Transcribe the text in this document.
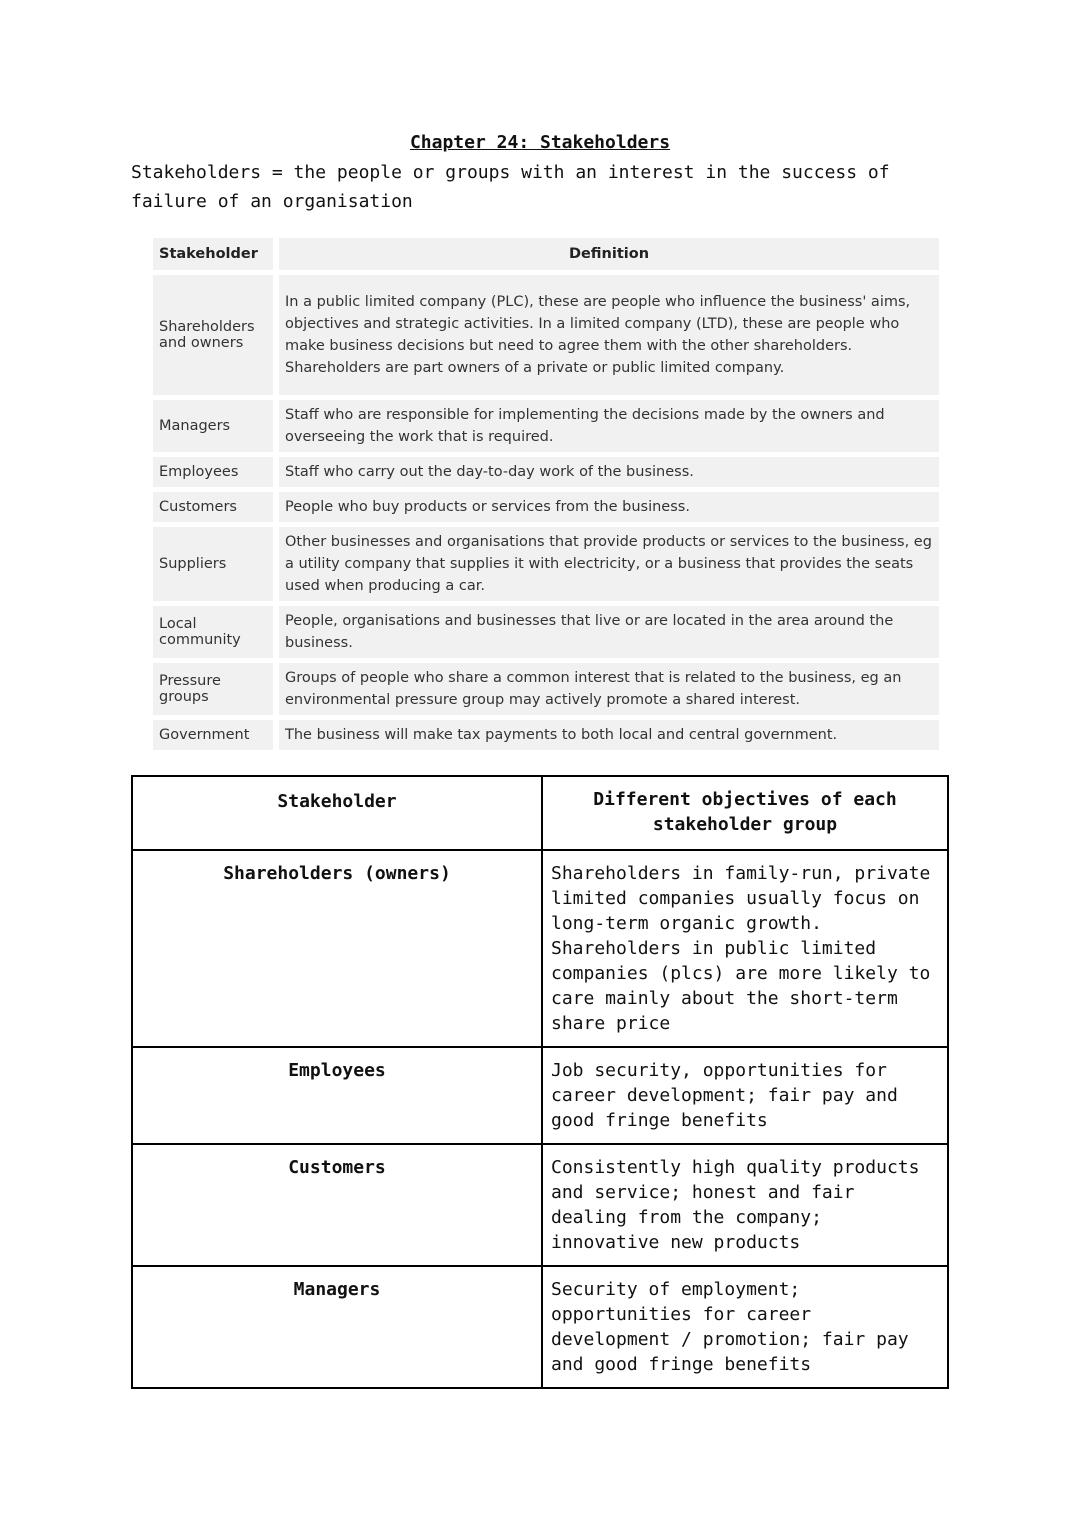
Chapter 24: Stakeholders
Stakeholders = the people or groups with an interest in the success of failure of an organisation
Stakeholder	Definition
Shareholders and owners	In a public limited company (PLC), these are people who influence the business' aims, objectives and strategic activities. In a limited company (LTD), these are people who make business decisions but need to agree them with the other shareholders. Shareholders are part owners of a private or public limited company.
Managers	Staff who are responsible for implementing the decisions made by the owners and overseeing the work that is required.
Employees	Staff who carry out the day-to-day work of the business.
Customers	People who buy products or services from the business.
Suppliers	Other businesses and organisations that provide products or services to the business, eg a utility company that supplies it with electricity, or a business that provides the seats used when producing a car.
Local community	People, organisations and businesses that live or are located in the area around the business.
Pressure groups	Groups of people who share a common interest that is related to the business, eg an environmental pressure group may actively promote a shared interest.
Government	The business will make tax payments to both local and central government.
Stakeholder	Different objectives of each stakeholder group
Shareholders (owners)	Shareholders in family-run, private limited companies usually focus on long-term organic growth. Shareholders in public limited companies (plcs) are more likely to care mainly about the short-term share price
Employees	Job security, opportunities for career development; fair pay and good fringe benefits
Customers	Consistently high quality products and service; honest and fair dealing from the company; innovative new products
Managers	Security of employment; opportunities for career development / promotion; fair pay and good fringe benefits
